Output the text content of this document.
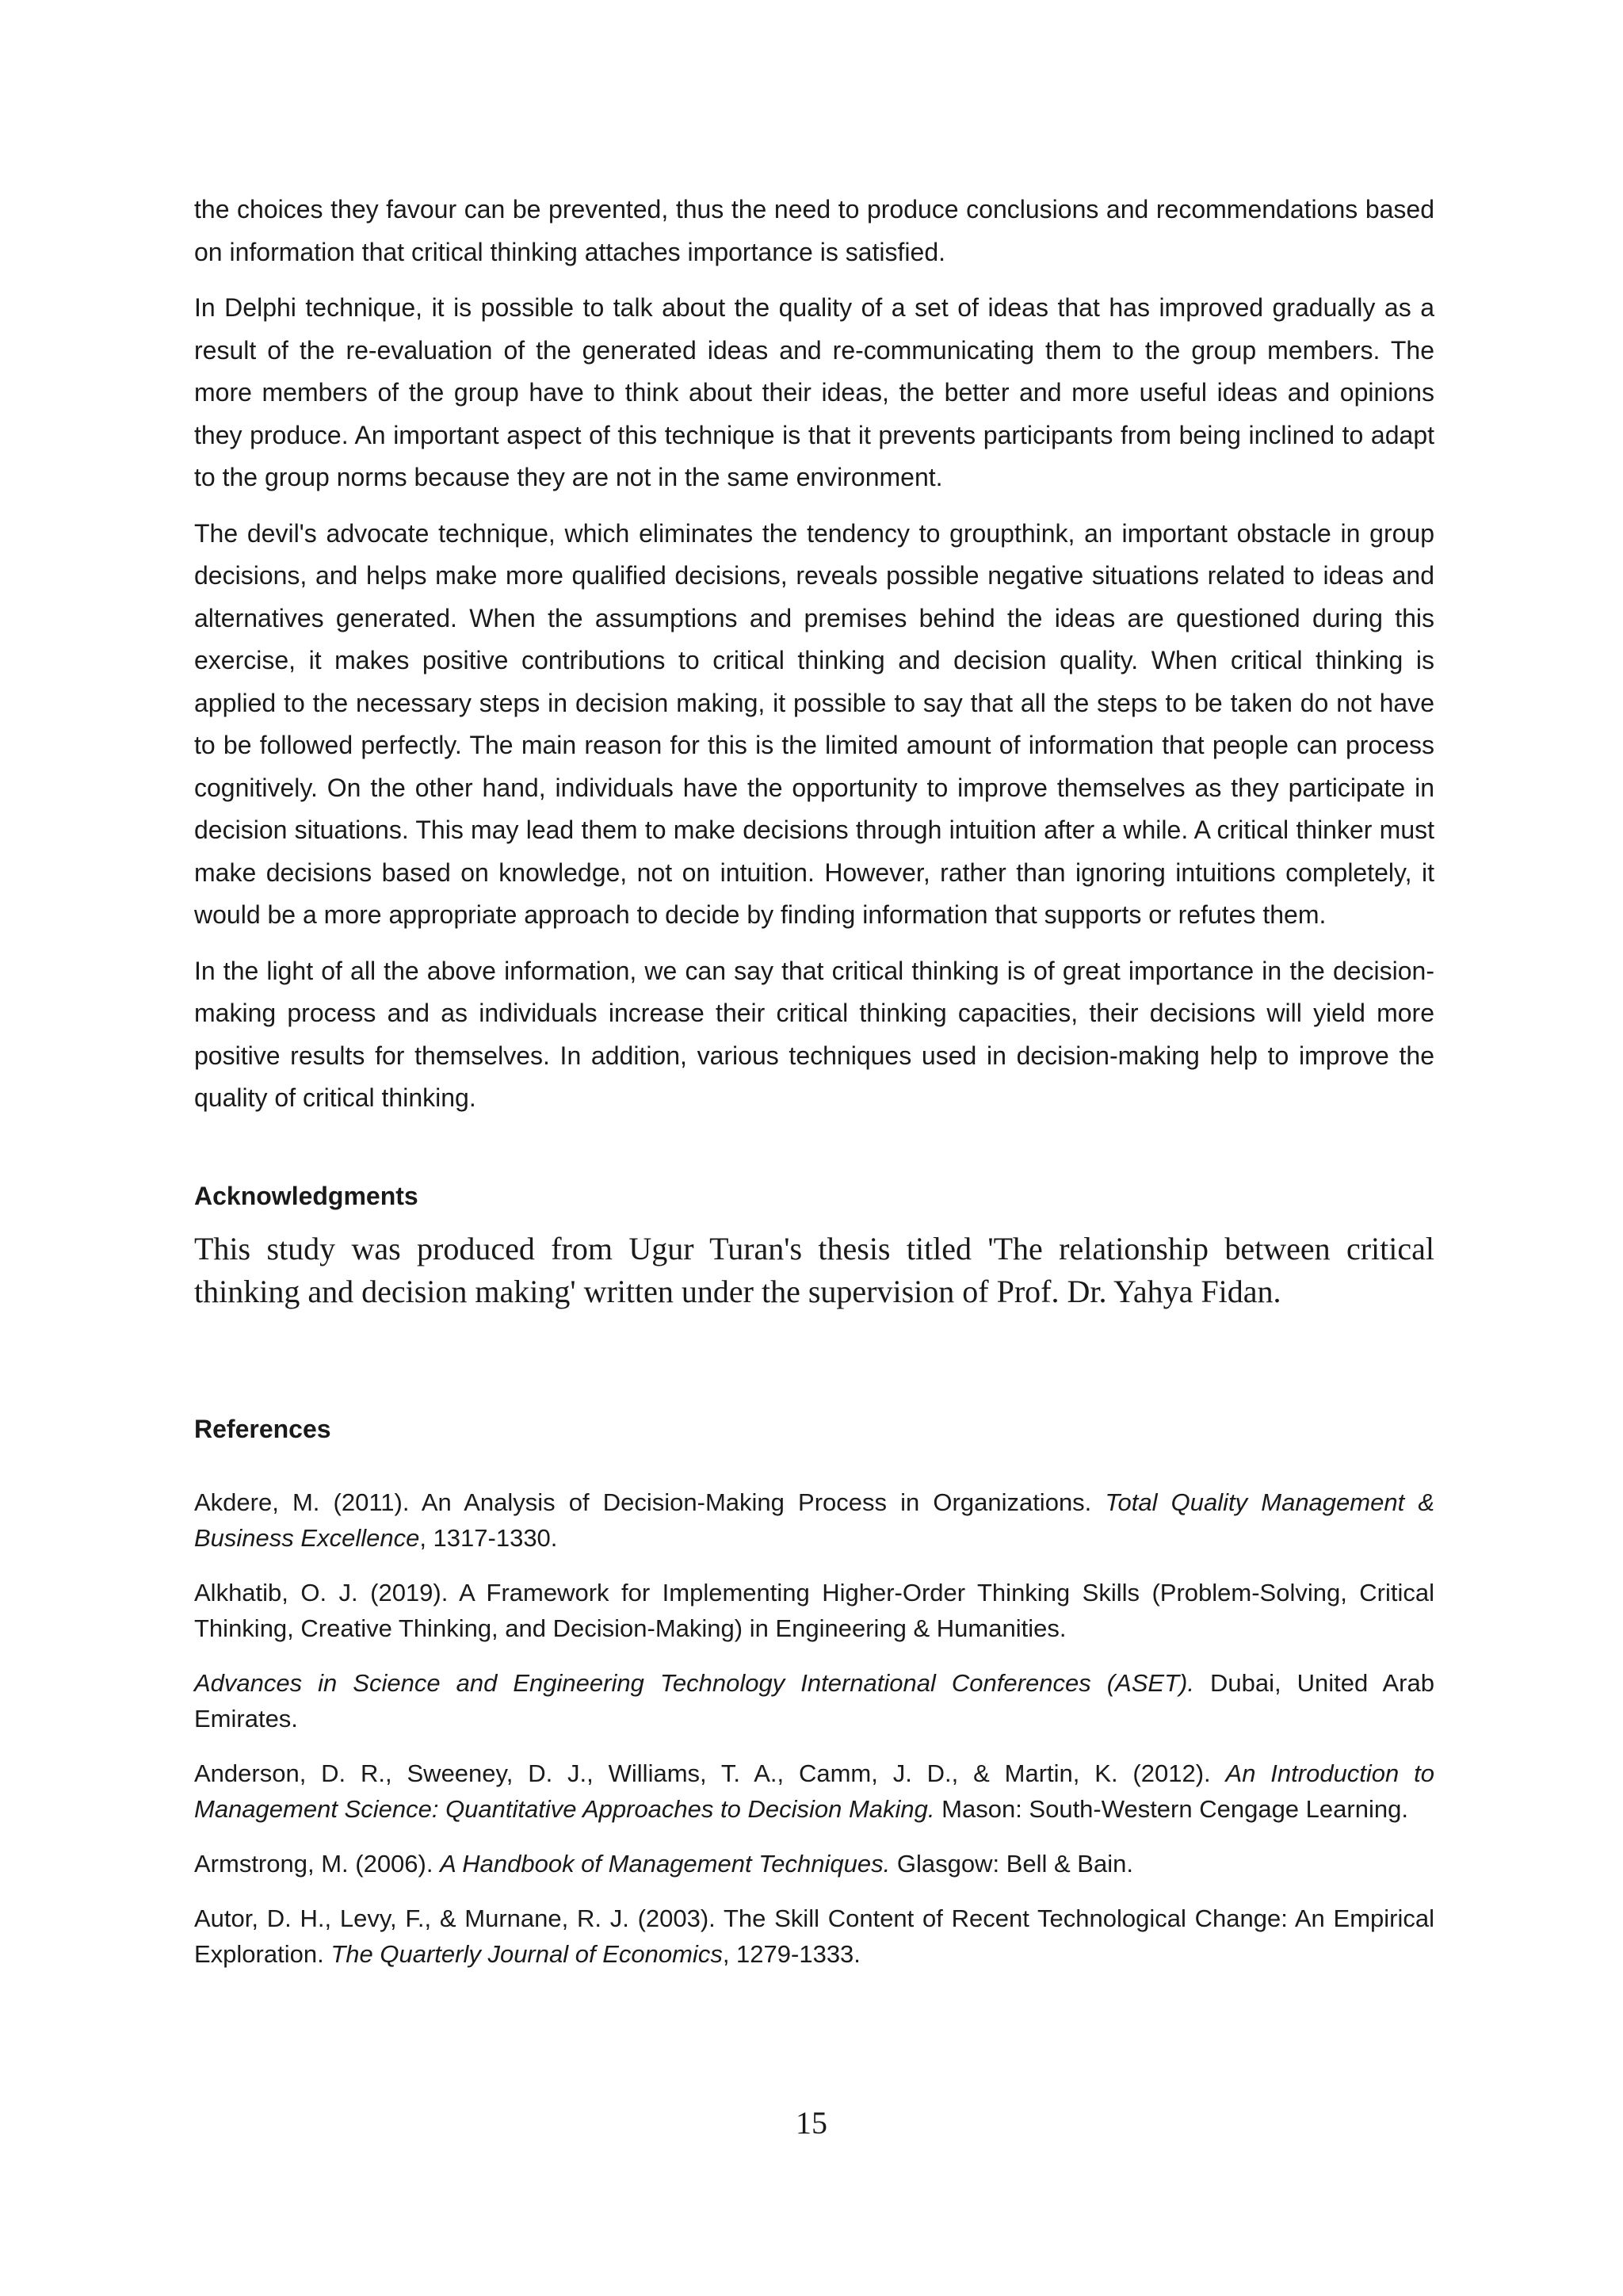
the choices they favour can be prevented, thus the need to produce conclusions and recommendations based on information that critical thinking attaches importance is satisfied.

In Delphi technique, it is possible to talk about the quality of a set of ideas that has improved gradually as a result of the re-evaluation of the generated ideas and re-communicating them to the group members. The more members of the group have to think about their ideas, the better and more useful ideas and opinions they produce. An important aspect of this technique is that it prevents participants from being inclined to adapt to the group norms because they are not in the same environment.

The devil's advocate technique, which eliminates the tendency to groupthink, an important obstacle in group decisions, and helps make more qualified decisions, reveals possible negative situations related to ideas and alternatives generated. When the assumptions and premises behind the ideas are questioned during this exercise, it makes positive contributions to critical thinking and decision quality. When critical thinking is applied to the necessary steps in decision making, it possible to say that all the steps to be taken do not have to be followed perfectly. The main reason for this is the limited amount of information that people can process cognitively. On the other hand, individuals have the opportunity to improve themselves as they participate in decision situations. This may lead them to make decisions through intuition after a while. A critical thinker must make decisions based on knowledge, not on intuition. However, rather than ignoring intuitions completely, it would be a more appropriate approach to decide by finding information that supports or refutes them.

In the light of all the above information, we can say that critical thinking is of great importance in the decision-making process and as individuals increase their critical thinking capacities, their decisions will yield more positive results for themselves. In addition, various techniques used in decision-making help to improve the quality of critical thinking.

Acknowledgments

This study was produced from Ugur Turan's thesis titled 'The relationship between critical thinking and decision making' written under the supervision of Prof. Dr. Yahya Fidan.

References

Akdere, M. (2011). An Analysis of Decision-Making Process in Organizations. Total Quality Management & Business Excellence, 1317-1330.

Alkhatib, O. J. (2019). A Framework for Implementing Higher-Order Thinking Skills (Problem-Solving, Critical Thinking, Creative Thinking, and Decision-Making) in Engineering & Humanities.

Advances in Science and Engineering Technology International Conferences (ASET). Dubai, United Arab Emirates.

Anderson, D. R., Sweeney, D. J., Williams, T. A., Camm, J. D., & Martin, K. (2012). An Introduction to Management Science: Quantitative Approaches to Decision Making. Mason: South-Western Cengage Learning.

Armstrong, M. (2006). A Handbook of Management Techniques. Glasgow: Bell & Bain.

Autor, D. H., Levy, F., & Murnane, R. J. (2003). The Skill Content of Recent Technological Change: An Empirical Exploration. The Quarterly Journal of Economics, 1279-1333.

15
